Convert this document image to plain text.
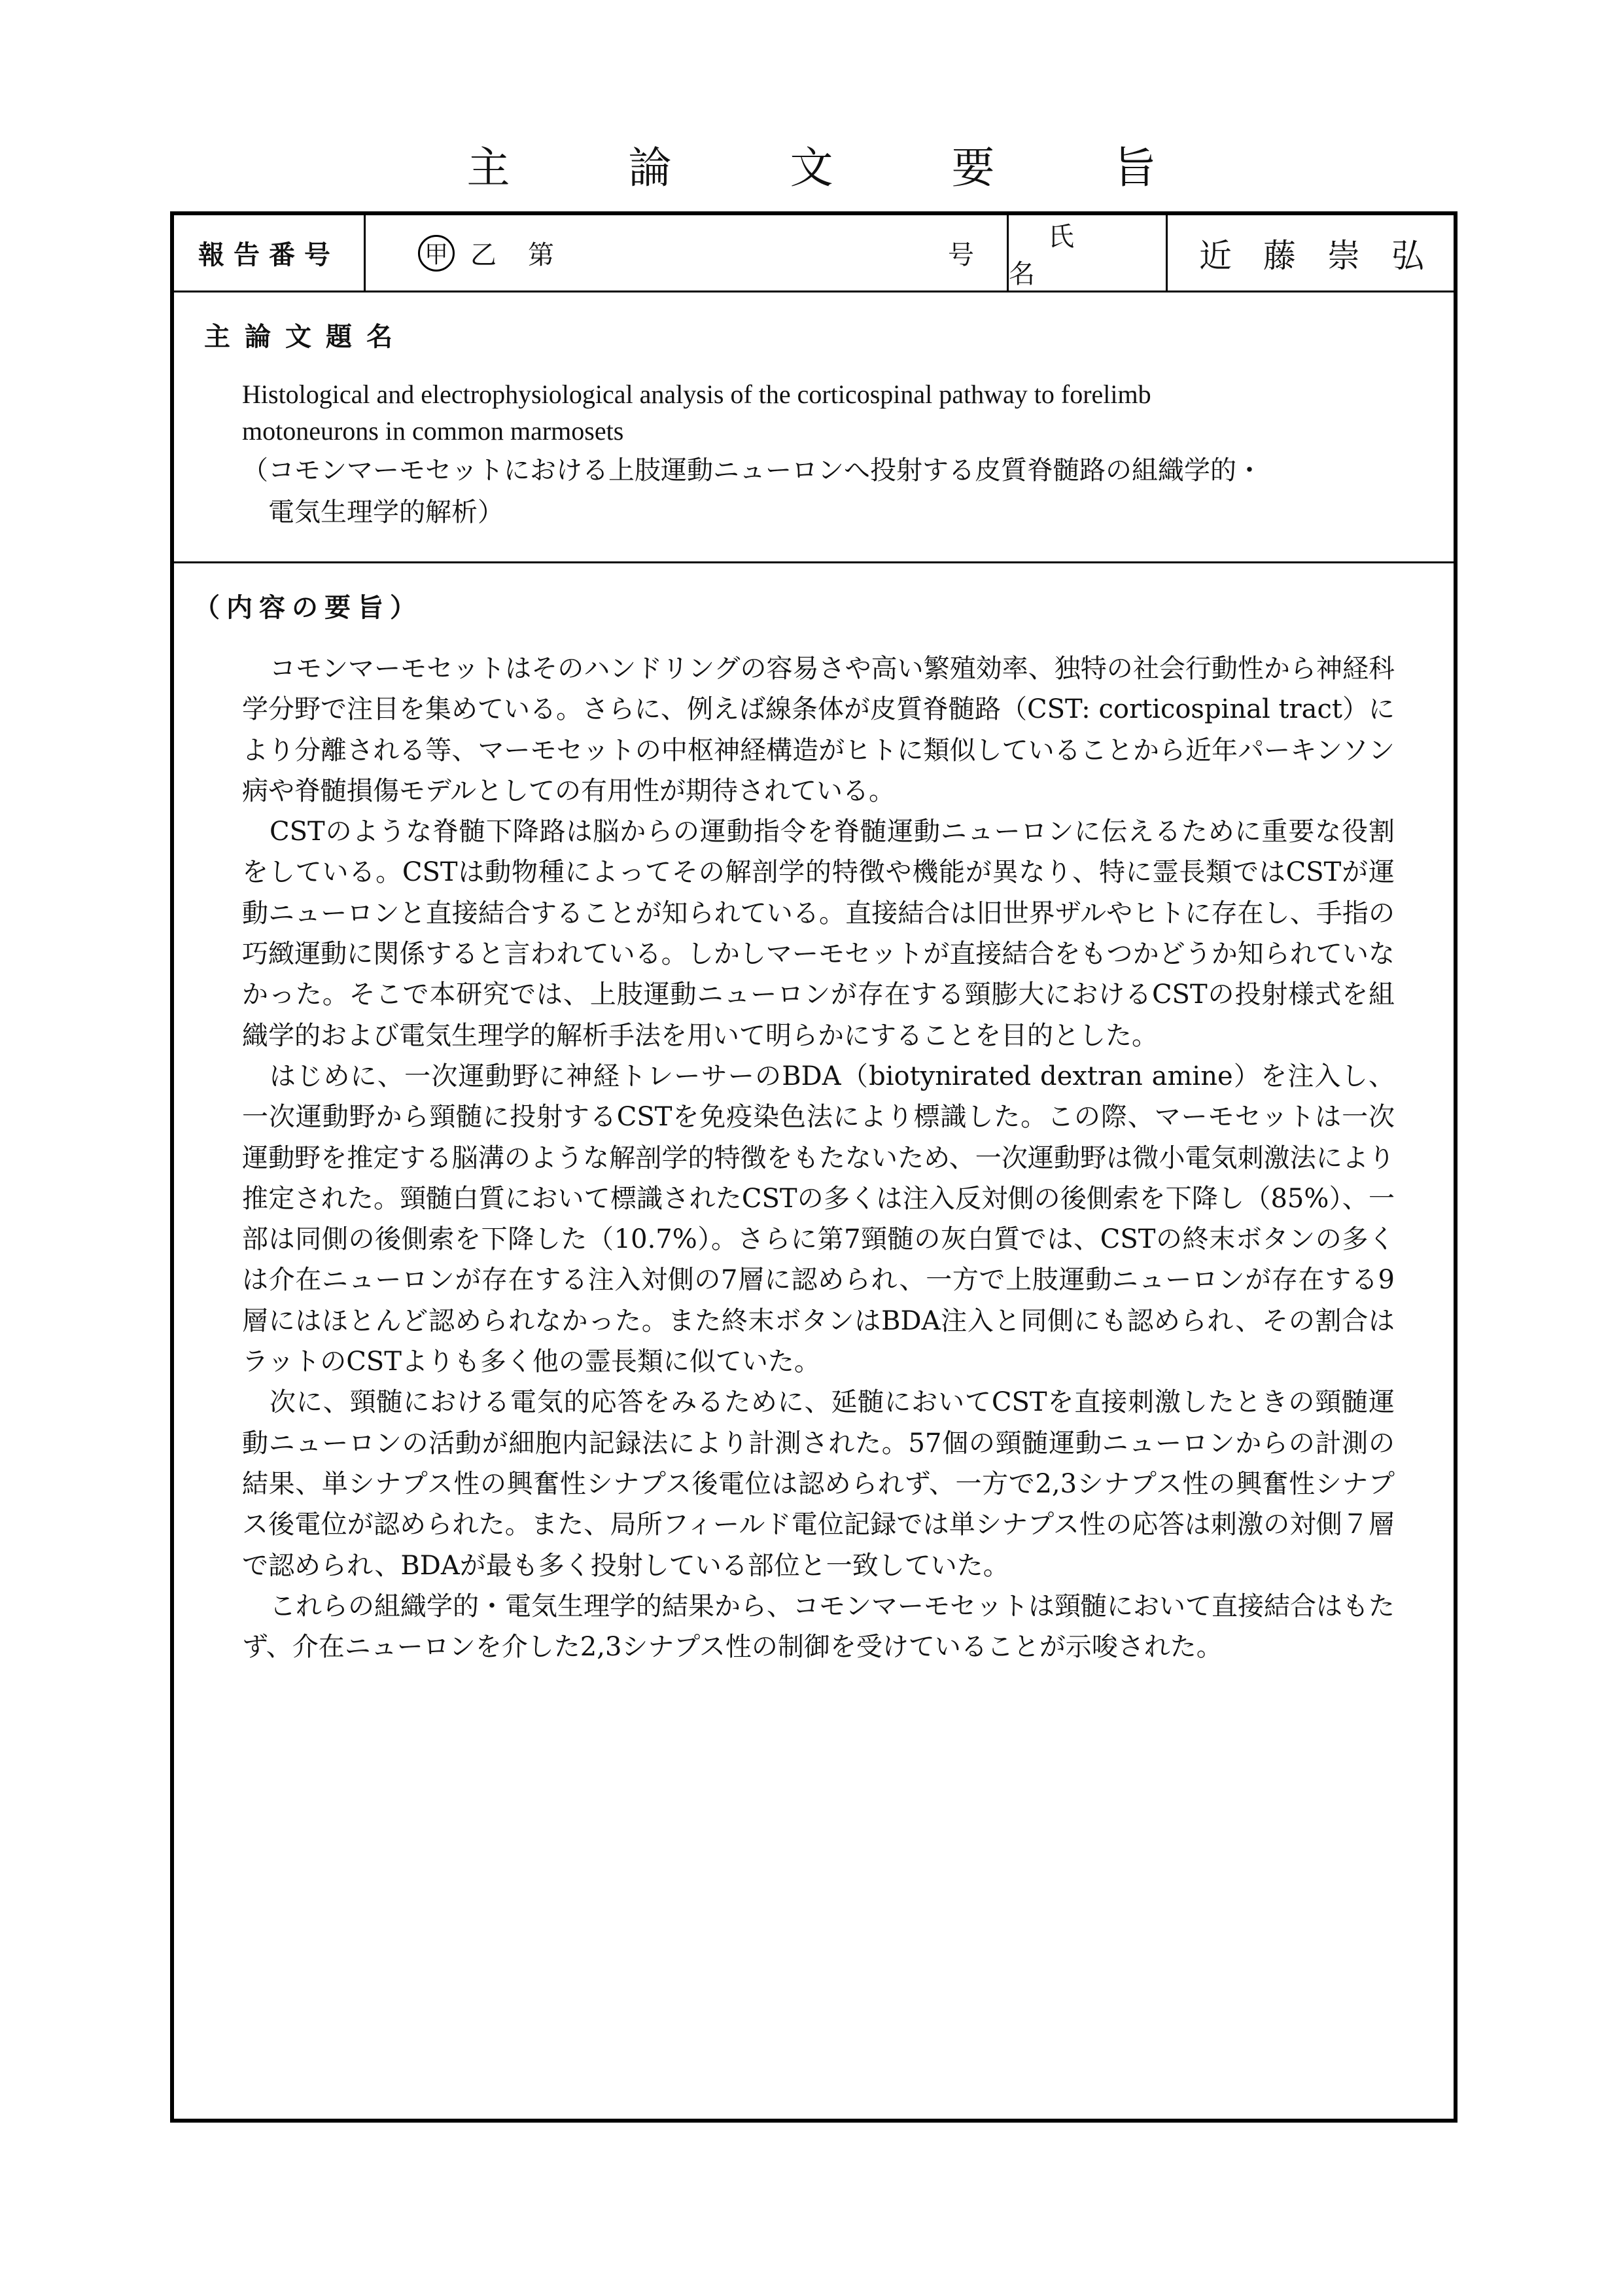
主 論 文 要 旨
報告番号	甲 乙 第	号
氏名	近藤崇弘
主論文題名
Histological and electrophysiological analysis of the corticospinal pathway to forelimb
motoneurons in common marmosets
（コモンマーモセットにおける上肢運動ニューロンへ投射する皮質脊髄路の組織学的・
電気生理学的解析）
（内容の要旨）

コモンマーモセットはそのハンドリングの容易さや高い繁殖効率、独特の社会行動性から神経科学分野で注目を集めている。さらに、例えば線条体が皮質脊髄路（CST: corticospinal tract）により分離される等、マーモセットの中枢神経構造がヒトに類似していることから近年パーキンソン病や脊髄損傷モデルとしての有用性が期待されている。

CSTのような脊髄下降路は脳からの運動指令を脊髄運動ニューロンに伝えるために重要な役割をしている。CSTは動物種によってその解剖学的特徴や機能が異なり、特に霊長類ではCSTが運動ニューロンと直接結合することが知られている。直接結合は旧世界ザルやヒトに存在し、手指の巧緻運動に関係すると言われている。しかしマーモセットが直接結合をもつかどうか知られていなかった。そこで本研究では、上肢運動ニューロンが存在する頸膨大におけるCSTの投射様式を組織学的および電気生理学的解析手法を用いて明らかにすることを目的とした。

はじめに、一次運動野に神経トレーサーのBDA（biotynirated dextran amine）を注入し、一次運動野から頸髄に投射するCSTを免疫染色法により標識した。この際、マーモセットは一次運動野を推定する脳溝のような解剖学的特徴をもたないため、一次運動野は微小電気刺激法により推定された。頸髄白質において標識されたCSTの多くは注入反対側の後側索を下降し（85%）、一部は同側の後側索を下降した（10.7%）。さらに第7頸髄の灰白質では、CSTの終末ボタンの多くは介在ニューロンが存在する注入対側の7層に認められ、一方で上肢運動ニューロンが存在する9層にはほとんど認められなかった。また終末ボタンはBDA注入と同側にも認められ、その割合はラットのCSTよりも多く他の霊長類に似ていた。

次に、頸髄における電気的応答をみるために、延髄においてCSTを直接刺激したときの頸髄運動ニューロンの活動が細胞内記録法により計測された。57個の頸髄運動ニューロンからの計測の結果、単シナプス性の興奮性シナプス後電位は認められず、一方で2,3シナプス性の興奮性シナプス後電位が認められた。また、局所フィールド電位記録では単シナプス性の応答は刺激の対側７層で認められ、BDAが最も多く投射している部位と一致していた。

これらの組織学的・電気生理学的結果から、コモンマーモセットは頸髄において直接結合はもたず、介在ニューロンを介した2,3シナプス性の制御を受けていることが示唆された。
